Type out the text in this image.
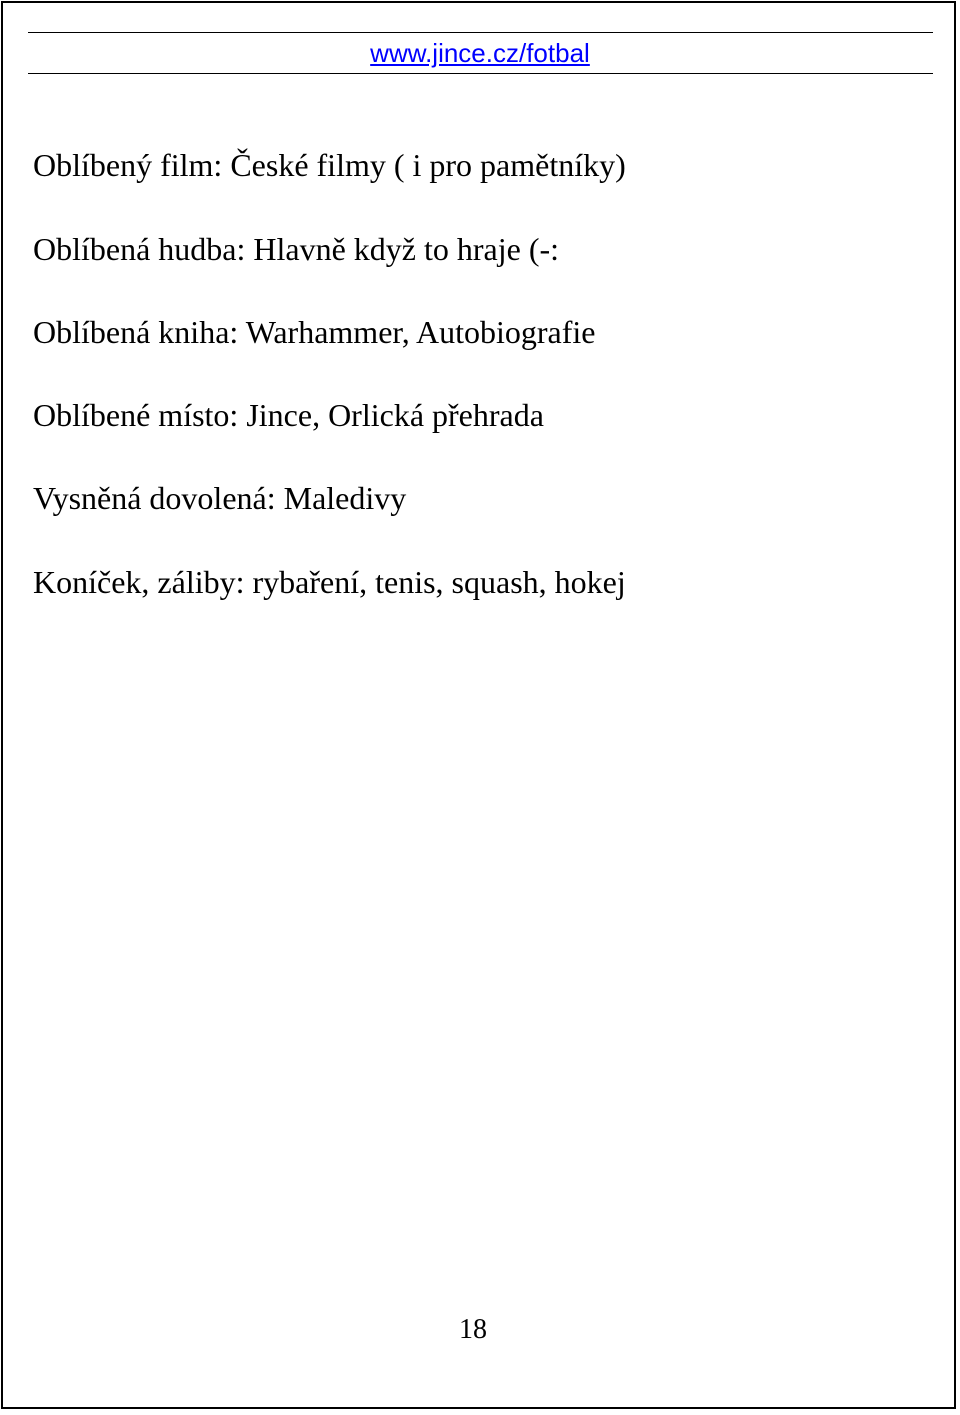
www.jince.cz/fotbal
Oblíbený film: České filmy ( i pro pamětníky)
Oblíbená hudba: Hlavně když to hraje (-:
Oblíbená kniha: Warhammer, Autobiografie
Oblíbené místo: Jince, Orlická přehrada
Vysněná dovolená: Maledivy
Koníček, záliby: rybaření, tenis, squash, hokej
18
